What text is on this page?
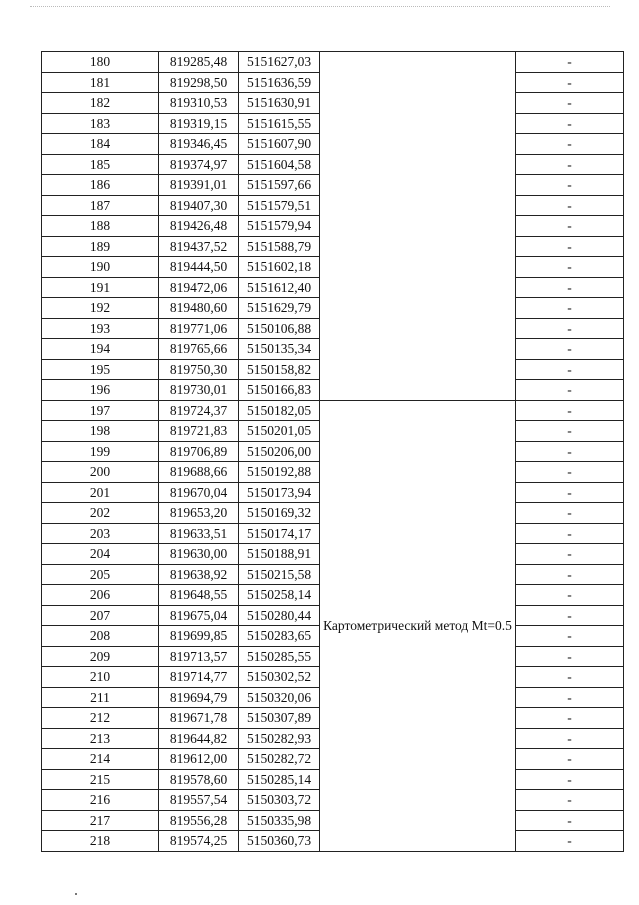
180	819285,48	5151627,03		-
181	819298,50	5151636,59		-
182	819310,53	5151630,91		-
183	819319,15	5151615,55		-
184	819346,45	5151607,90		-
185	819374,97	5151604,58		-
186	819391,01	5151597,66		-
187	819407,30	5151579,51		-
188	819426,48	5151579,94		-
189	819437,52	5151588,79		-
190	819444,50	5151602,18		-
191	819472,06	5151612,40		-
192	819480,60	5151629,79		-
193	819771,06	5150106,88		-
194	819765,66	5150135,34		-
195	819750,30	5150158,82		-
196	819730,01	5150166,83		-
197	819724,37	5150182,05	Картометрический метод Mt=0.5	-
198	819721,83	5150201,05		-
199	819706,89	5150206,00		-
200	819688,66	5150192,88		-
201	819670,04	5150173,94		-
202	819653,20	5150169,32		-
203	819633,51	5150174,17		-
204	819630,00	5150188,91		-
205	819638,92	5150215,58		-
206	819648,55	5150258,14		-
207	819675,04	5150280,44		-
208	819699,85	5150283,65		-
209	819713,57	5150285,55		-
210	819714,77	5150302,52		-
211	819694,79	5150320,06		-
212	819671,78	5150307,89		-
213	819644,82	5150282,93		-
214	819612,00	5150282,72		-
215	819578,60	5150285,14		-
216	819557,54	5150303,72		-
217	819556,28	5150335,98		-
218	819574,25	5150360,73		-
